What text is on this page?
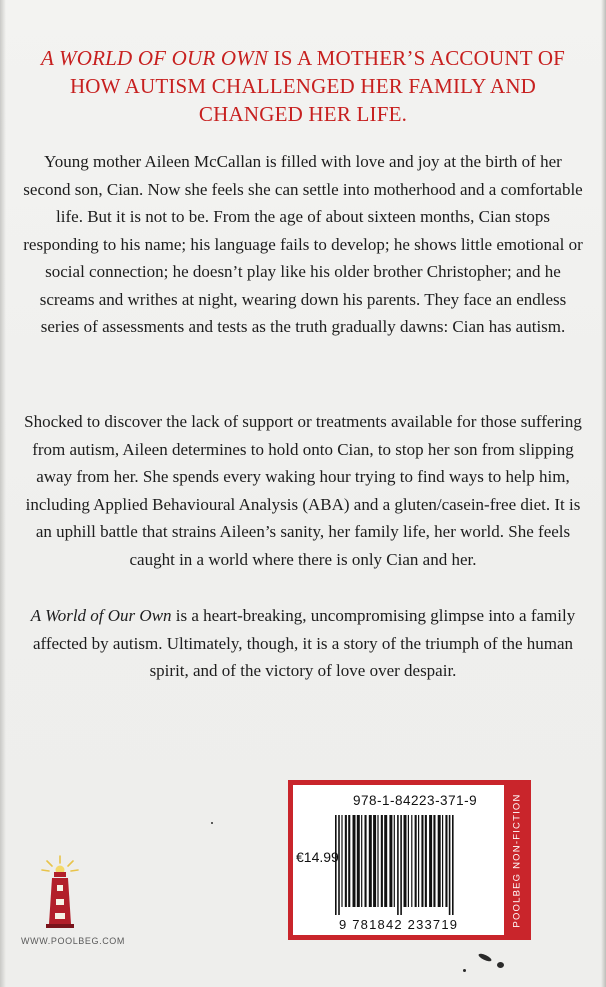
A WORLD OF OUR OWN IS A MOTHER’S ACCOUNT OF HOW AUTISM CHALLENGED HER FAMILY AND CHANGED HER LIFE.

Young mother Aileen McCallan is filled with love and joy at the birth of her second son, Cian. Now she feels she can settle into motherhood and a comfortable life. But it is not to be. From the age of about sixteen months, Cian stops responding to his name; his language fails to develop; he shows little emotional or social connection; he doesn’t play like his older brother Christopher; and he screams and writhes at night, wearing down his parents. They face an endless series of assessments and tests as the truth gradually dawns: Cian has autism.

Shocked to discover the lack of support or treatments available for those suffering from autism, Aileen determines to hold onto Cian, to stop her son from slipping away from her. She spends every waking hour trying to find ways to help him, including Applied Behavioural Analysis (ABA) and a gluten/casein-free diet. It is an uphill battle that strains Aileen’s sanity, her family life, her world. She feels caught in a world where there is only Cian and her.

A World of Our Own is a heart-breaking, uncompromising glimpse into a family affected by autism. Ultimately, though, it is a story of the triumph of the human spirit, and of the victory of love over despair.

978-1-84223-371-9
€14.99
9 781842 233719	POOLBEG NON-FICTION
WWW.POOLBEG.COM
